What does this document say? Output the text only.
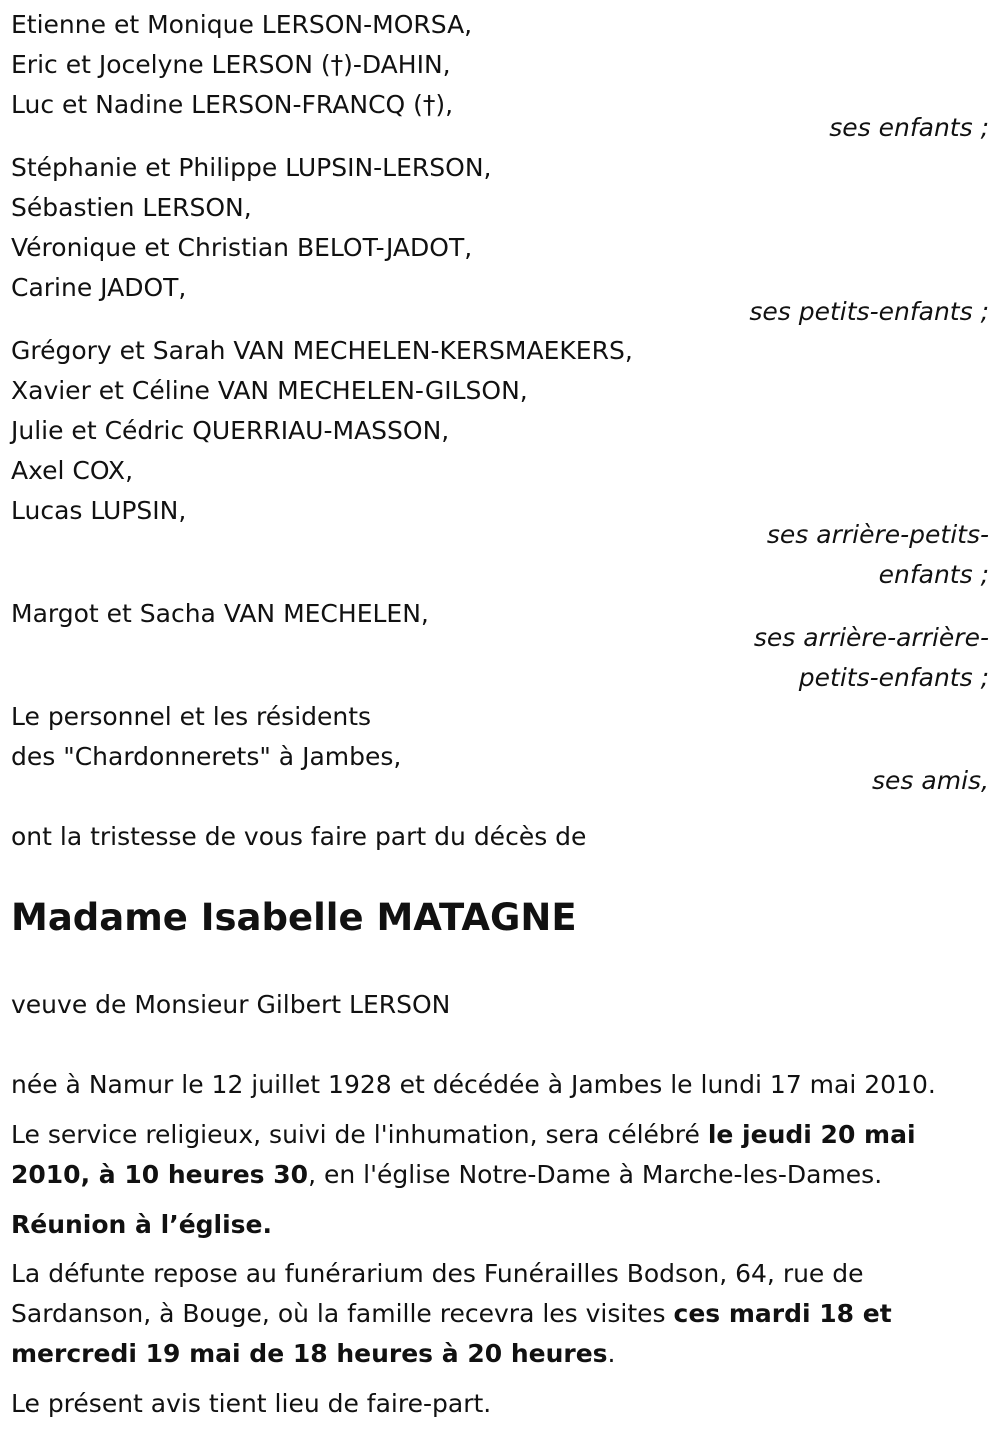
Etienne et Monique LERSON-MORSA,
Eric et Jocelyne LERSON (†)-DAHIN,
Luc et Nadine LERSON-FRANCQ (†),
ses enfants ;
Stéphanie et Philippe LUPSIN-LERSON,
Sébastien LERSON,
Véronique et Christian BELOT-JADOT,
Carine JADOT,
ses petits-enfants ;
Grégory et Sarah VAN MECHELEN-KERSMAEKERS,
Xavier et Céline VAN MECHELEN-GILSON,
Julie et Cédric QUERRIAU-MASSON,
Axel COX,
Lucas LUPSIN,
ses arrière-petits-
enfants ;
Margot et Sacha VAN MECHELEN,
ses arrière-arrière-
petits-enfants ;
Le personnel et les résidents
des "Chardonnerets" à Jambes,
ses amis,
ont la tristesse de vous faire part du décès de
Madame Isabelle MATAGNE
veuve de Monsieur Gilbert LERSON
née à Namur le 12 juillet 1928 et décédée à Jambes le lundi 17 mai 2010.
Le service religieux, suivi de l'inhumation, sera célébré le jeudi 20 mai
2010, à 10 heures 30, en l'église Notre-Dame à Marche-les-Dames.
Réunion à l’église.
La défunte repose au funérarium des Funérailles Bodson, 64, rue de
Sardanson, à Bouge, où la famille recevra les visites ces mardi 18 et
mercredi 19 mai de 18 heures à 20 heures.
Le présent avis tient lieu de faire-part.
